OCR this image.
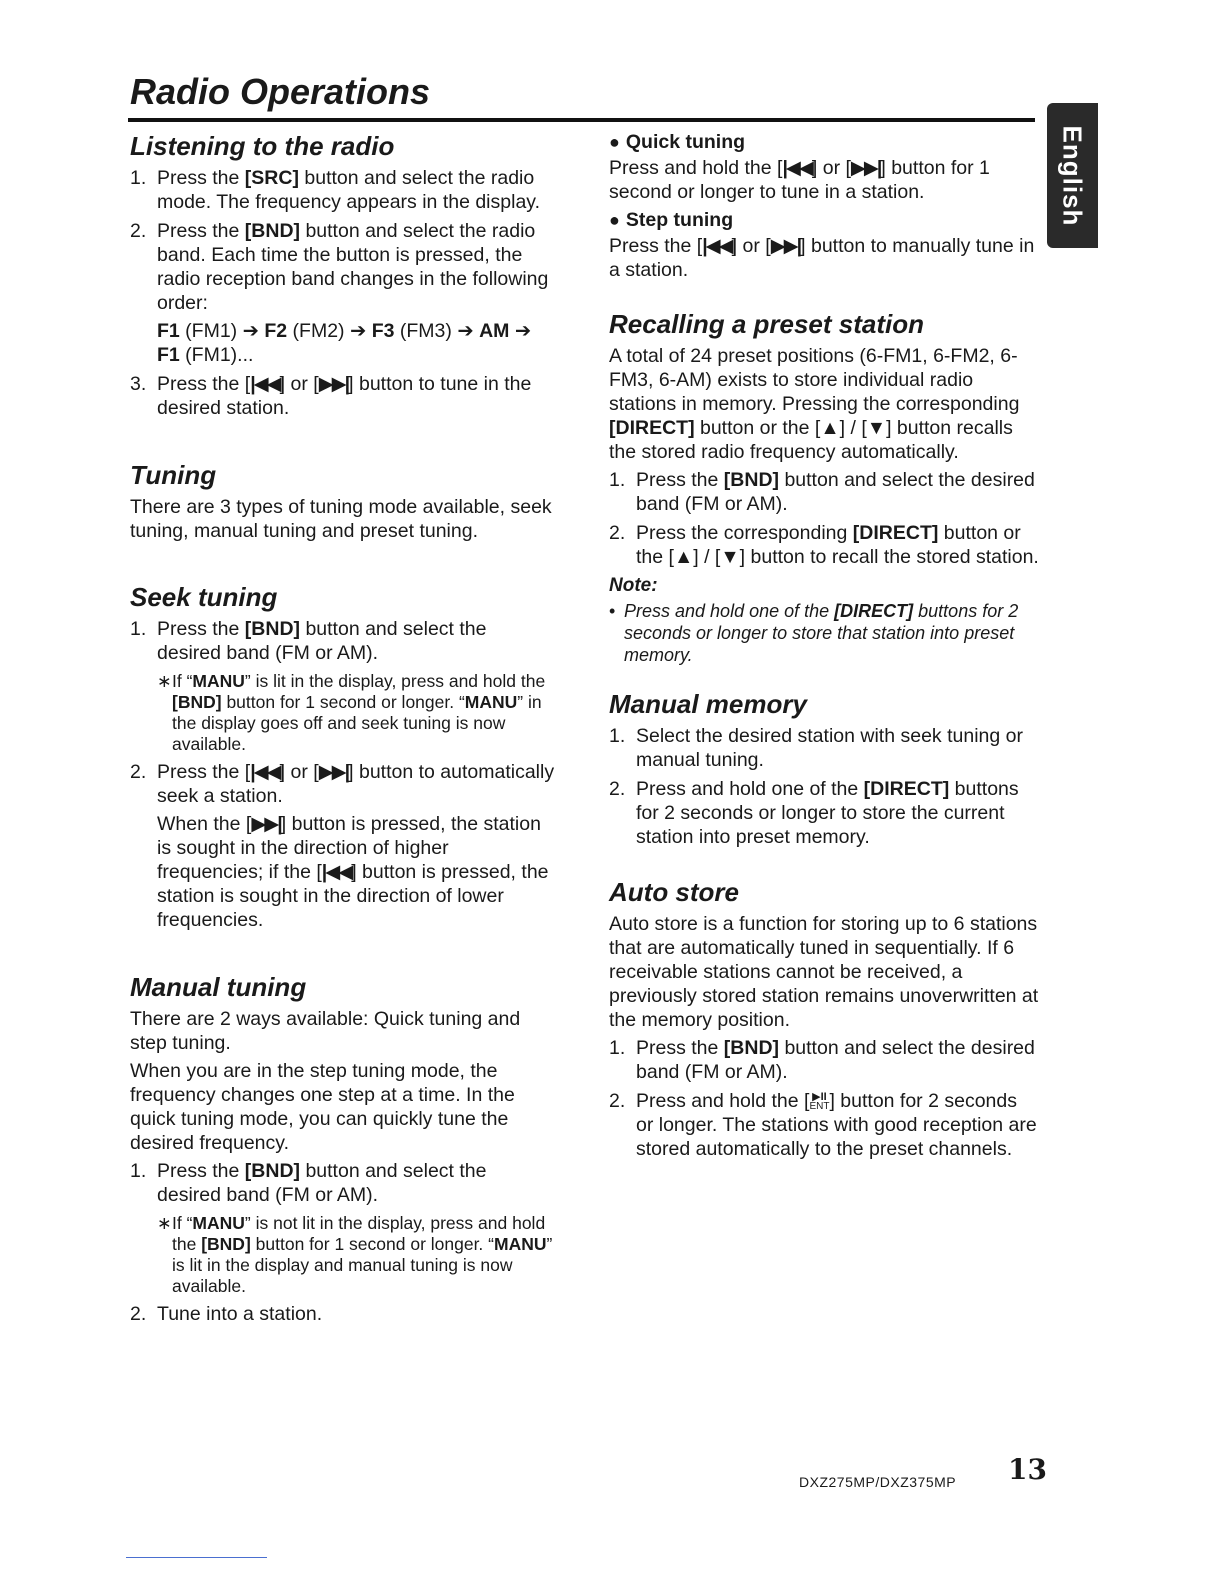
Radio Operations
English
Listening to the radio
1. Press the [SRC] button and select the radio mode. The frequency appears in the display.
2. Press the [BND] button and select the radio band. Each time the button is pressed, the radio reception band changes in the following order:
F1 (FM1) ➔ F2 (FM2) ➔ F3 (FM3) ➔ AM ➔
F1 (FM1)...
3. Press the [|◀◀] or [▶▶|] button to tune in the desired station.
Tuning

There are 3 types of tuning mode available, seek tuning, manual tuning and preset tuning.

Seek tuning
1. Press the [BND] button and select the desired band (FM or AM).
∗ If “MANU” is lit in the display, press and hold the [BND] button for 1 second or longer. “MANU” in the display goes off and seek tuning is now available.
2. Press the [|◀◀] or [▶▶|] button to automatically seek a station.
When the [▶▶|] button is pressed, the station is sought in the direction of higher frequencies; if the [|◀◀] button is pressed, the station is sought in the direction of lower frequencies.
Manual tuning

There are 2 ways available: Quick tuning and step tuning.

When you are in the step tuning mode, the frequency changes one step at a time. In the quick tuning mode, you can quickly tune the desired frequency.

1. Press the [BND] button and select the desired band (FM or AM).
∗ If “MANU” is not lit in the display, press and hold the [BND] button for 1 second or longer. “MANU” is lit in the display and manual tuning is now available.
2. Tune into a station.
● Quick tuning

Press and hold the [|◀◀] or [▶▶|] button for 1 second or longer to tune in a station.

● Step tuning

Press the [|◀◀] or [▶▶|] button to manually tune in a station.

Recalling a preset station

A total of 24 preset positions (6-FM1, 6-FM2, 6-FM3, 6-AM) exists to store individual radio stations in memory. Pressing the corresponding [DIRECT] button or the [▲] / [▼] button recalls the stored radio frequency automatically.

1. Press the [BND] button and select the desired band (FM or AM).
2. Press the corresponding [DIRECT] button or the [▲] / [▼] button to recall the stored station.
Note:
• Press and hold one of the [DIRECT] buttons for 2 seconds or longer to store that station into preset memory.
Manual memory
1. Select the desired station with seek tuning or manual tuning.
2. Press and hold one of the [DIRECT] buttons for 2 seconds or longer to store the current station into preset memory.
Auto store

Auto store is a function for storing up to 6 stations that are automatically tuned in sequentially. If 6 receivable stations cannot be received, a previously stored station remains unoverwritten at the memory position.

1. Press the [BND] button and select the desired band (FM or AM).
2. Press and hold the [ ▶II
ENT ] button for 2 seconds or longer. The stations with good reception are stored automatically to the preset channels.
DXZ275MP/DXZ375MP 13
